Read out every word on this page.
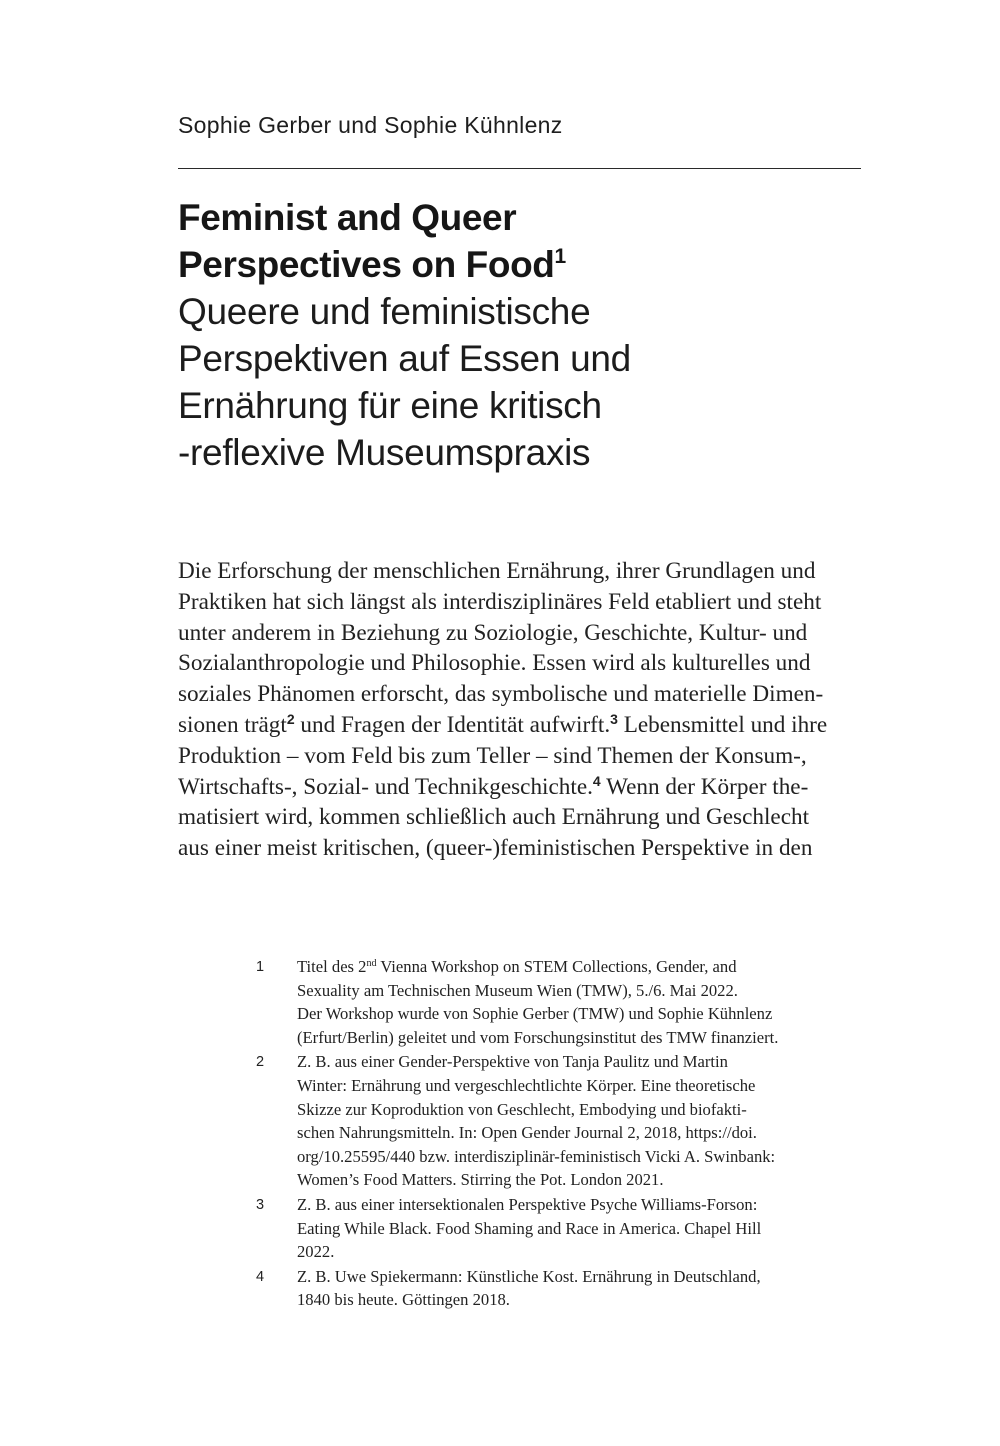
Sophie Gerber und Sophie Kühnlenz
Feminist and Queer
Perspectives on Food$^1$
Queere und feministische
Perspektiven auf Essen und
Ernährung für eine kritisch
-reflexive Museumspraxis
Die Erforschung der menschlichen Ernährung, ihrer Grundlagen und
Praktiken hat sich längst als interdisziplinäres Feld etabliert und steht
unter anderem in Beziehung zu Soziologie, Geschichte, Kultur- und
Sozialanthropologie und Philosophie. Essen wird als kulturelles und
soziales Phänomen erforscht, das symbolische und materielle Dimen-
sionen trägt$^2$ und Fragen der Identität aufwirft.$^3$ Lebensmittel und ihre
Produktion – vom Feld bis zum Teller – sind Themen der Konsum-,
Wirtschafts-, Sozial- und Technikgeschichte.$^4$ Wenn der Körper the-
matisiert wird, kommen schließlich auch Ernährung und Geschlecht
aus einer meist kritischen, (queer-)feministischen Perspektive in den
1 Titel des 2nd Vienna Workshop on STEM Collections, Gender, and
Sexuality am Technischen Museum Wien (TMW), 5./6. Mai 2022.
Der Workshop wurde von Sophie Gerber (TMW) und Sophie Kühnlenz
(Erfurt/Berlin) geleitet und vom Forschungsinstitut des TMW finanziert.
2 Z. B. aus einer Gender-Perspektive von Tanja Paulitz und Martin
Winter: Ernährung und vergeschlechtlichte Körper. Eine theoretische
Skizze zur Koproduktion von Geschlecht, Embodying und biofakti-
schen Nahrungsmitteln. In: Open Gender Journal 2, 2018, https://doi.
org/10.25595/440 bzw. interdisziplinär-feministisch Vicki A. Swinbank:
Women’s Food Matters. Stirring the Pot. London 2021.
3 Z. B. aus einer intersektionalen Perspektive Psyche Williams-Forson:
Eating While Black. Food Shaming and Race in America. Chapel Hill
2022.
4 Z. B. Uwe Spiekermann: Künstliche Kost. Ernährung in Deutschland,
1840 bis heute. Göttingen 2018.
